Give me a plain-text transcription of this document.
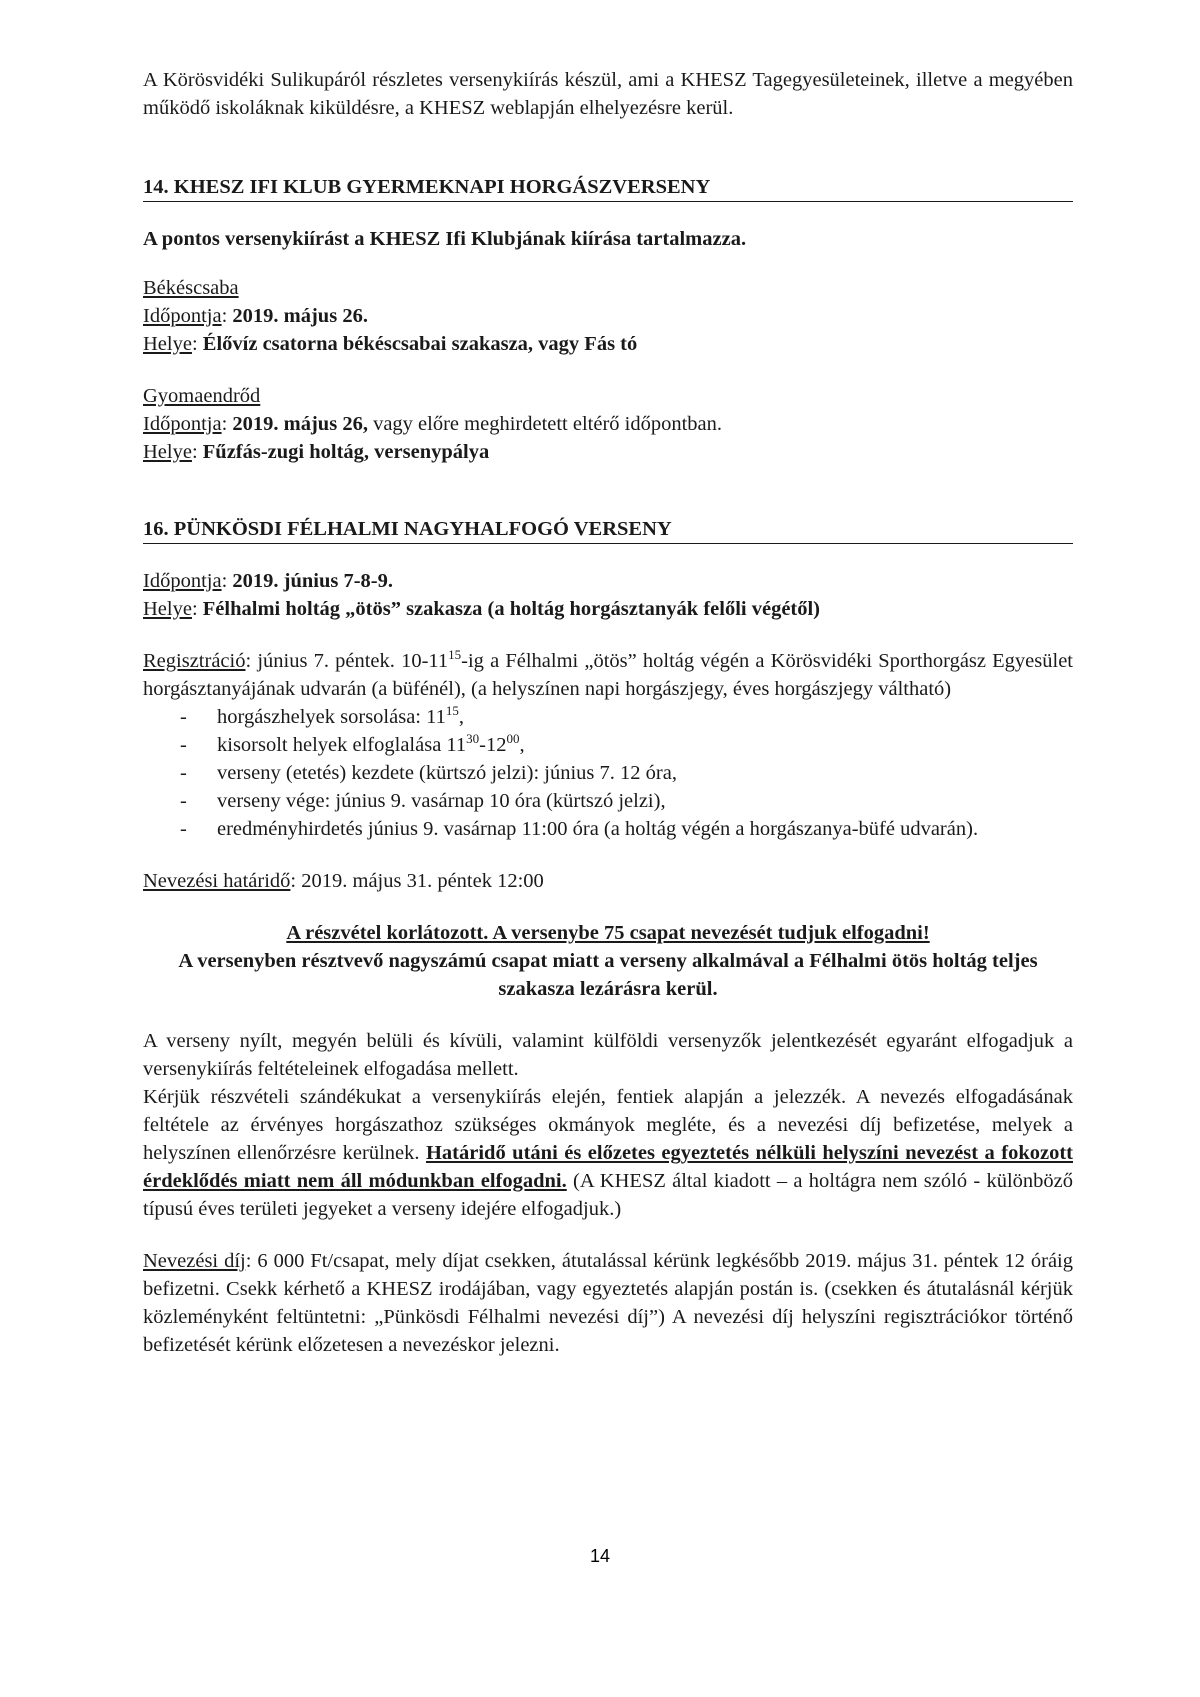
A Körösvidéki Sulikupáról részletes versenykiírás készül, ami a KHESZ Tagegyesületeinek, illetve a megyében működő iskoláknak kiküldésre, a KHESZ weblapján elhelyezésre kerül.

14. KHESZ IFI KLUB GYERMEKNAPI HORGÁSZVERSENY

A pontos versenykiírást a KHESZ Ifi Klubjának kiírása tartalmazza.

Békéscsaba

Időpontja: 2019. május 26.

Helye: Élővíz csatorna békéscsabai szakasza, vagy Fás tó

Gyomaendrőd

Időpontja: 2019. május 26, vagy előre meghirdetett eltérő időpontban.

Helye: Fűzfás-zugi holtág, versenypálya

16. PÜNKÖSDI FÉLHALMI NAGYHALFOGÓ VERSENY

Időpontja: 2019. június 7-8-9.

Helye: Félhalmi holtág „ötös” szakasza (a holtág horgásztanyák felőli végétől)

Regisztráció: június 7. péntek. $10-11^{15}-ig$ a Félhalmi „ötös” holtág végén a Körösvidéki Sporthorgász Egyesület horgásztanyájának udvarán (a büfénél), (a helyszínen napi horgászjegy, éves horgászjegy váltható)

- horgászhelyek sorsolása: $11^{15}$,
- kisorsolt helyek elfoglalása $11^{30}-12^{00}$,
- verseny (etetés) kezdete (kürtszó jelzi): június 7. 12 óra,
- verseny vége: június 9. vasárnap 10 óra (kürtszó jelzi),
- eredményhirdetés június 9. vasárnap 11:00 óra (a holtág végén a horgászanya-büfé udvarán).

Nevezési határidő: 2019. május 31. péntek 12:00

A részvétel korlátozott. A versenybe 75 csapat nevezését tudjuk elfogadni!

A versenyben résztvevő nagyszámú csapat miatt a verseny alkalmával a Félhalmi ötös holtág teljes szakasza lezárásra kerül.

A verseny nyílt, megyén belüli és kívüli, valamint külföldi versenyzők jelentkezését egyaránt elfogadjuk a versenykiírás feltételeinek elfogadása mellett.

Kérjük részvételi szándékukat a versenykiírás elején, fentiek alapján a jelezzék. A nevezés elfogadásának feltétele az érvényes horgászathoz szükséges okmányok megléte, és a nevezési díj befizetése, melyek a helyszínen ellenőrzésre kerülnek. Határidő utáni és előzetes egyeztetés nélküli helyszíni nevezést a fokozott érdeklődés miatt nem áll módunkban elfogadni. (A KHESZ által kiadott – a holtágra nem szóló - különböző típusú éves területi jegyeket a verseny idejére elfogadjuk.)

Nevezési díj: 6 000 Ft/csapat, mely díjat csekken, átutalással kérünk legkésőbb 2019. május 31. péntek 12 óráig befizetni. Csekk kérhető a KHESZ irodájában, vagy egyeztetés alapján postán is. (csekken és átutalásnál kérjük közleményként feltüntetni: „Pünkösdi Félhalmi nevezési díj”) A nevezési díj helyszíni regisztrációkor történő befizetését kérünk előzetesen a nevezéskor jelezni.

14
